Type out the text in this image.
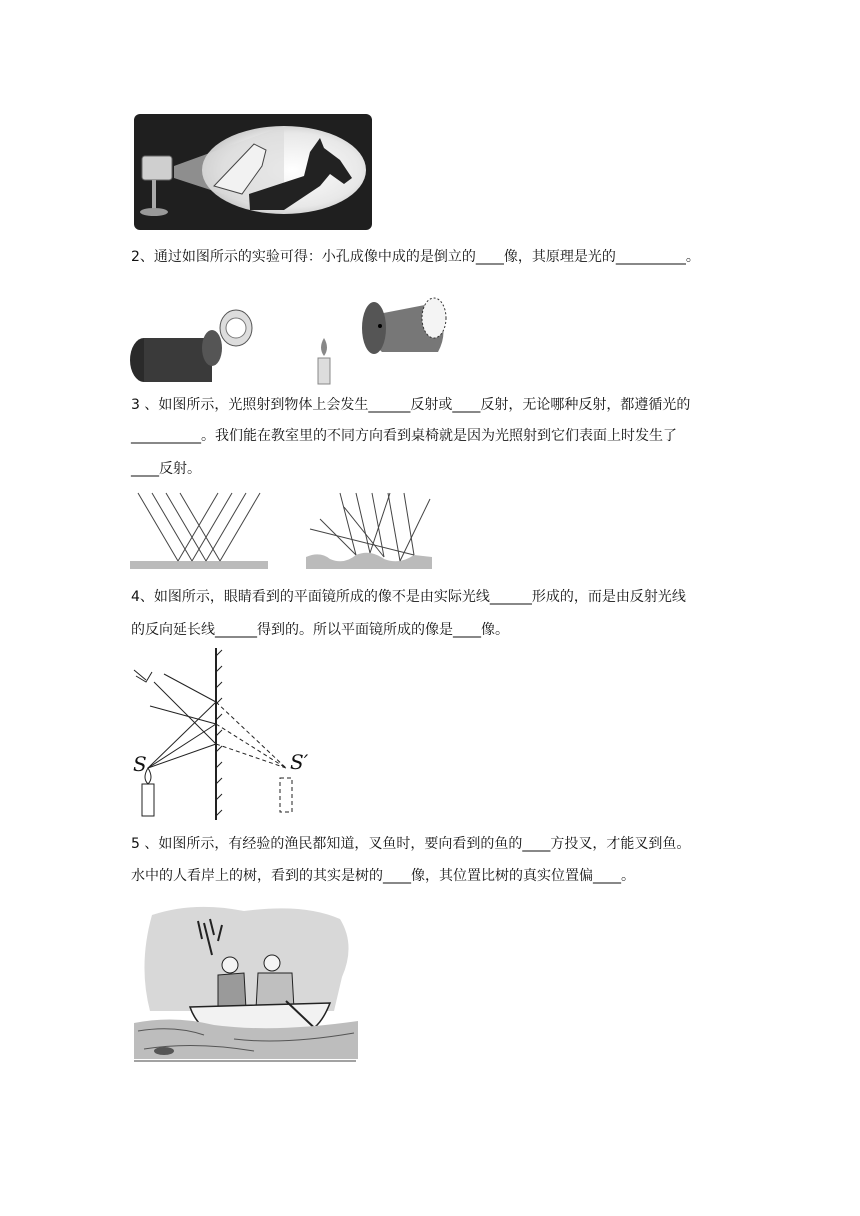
2、通过如图所示的实验可得：小孔成像中成的是倒立的____像，其原理是光的__________。
3 、如图所示，光照射到物体上会发生______反射或____反射，无论哪种反射，都遵循光的
__________。我们能在教室里的不同方向看到桌椅就是因为光照射到它们表面上时发生了
____反射。
4、如图所示，眼睛看到的平面镜所成的像不是由实际光线______形成的，而是由反射光线
的反向延长线______得到的。所以平面镜所成的像是____像。
S	S′
5 、如图所示，有经验的渔民都知道，叉鱼时，要向看到的鱼的____方投叉，才能叉到鱼。
水中的人看岸上的树，看到的其实是树的____像，其位置比树的真实位置偏____。
